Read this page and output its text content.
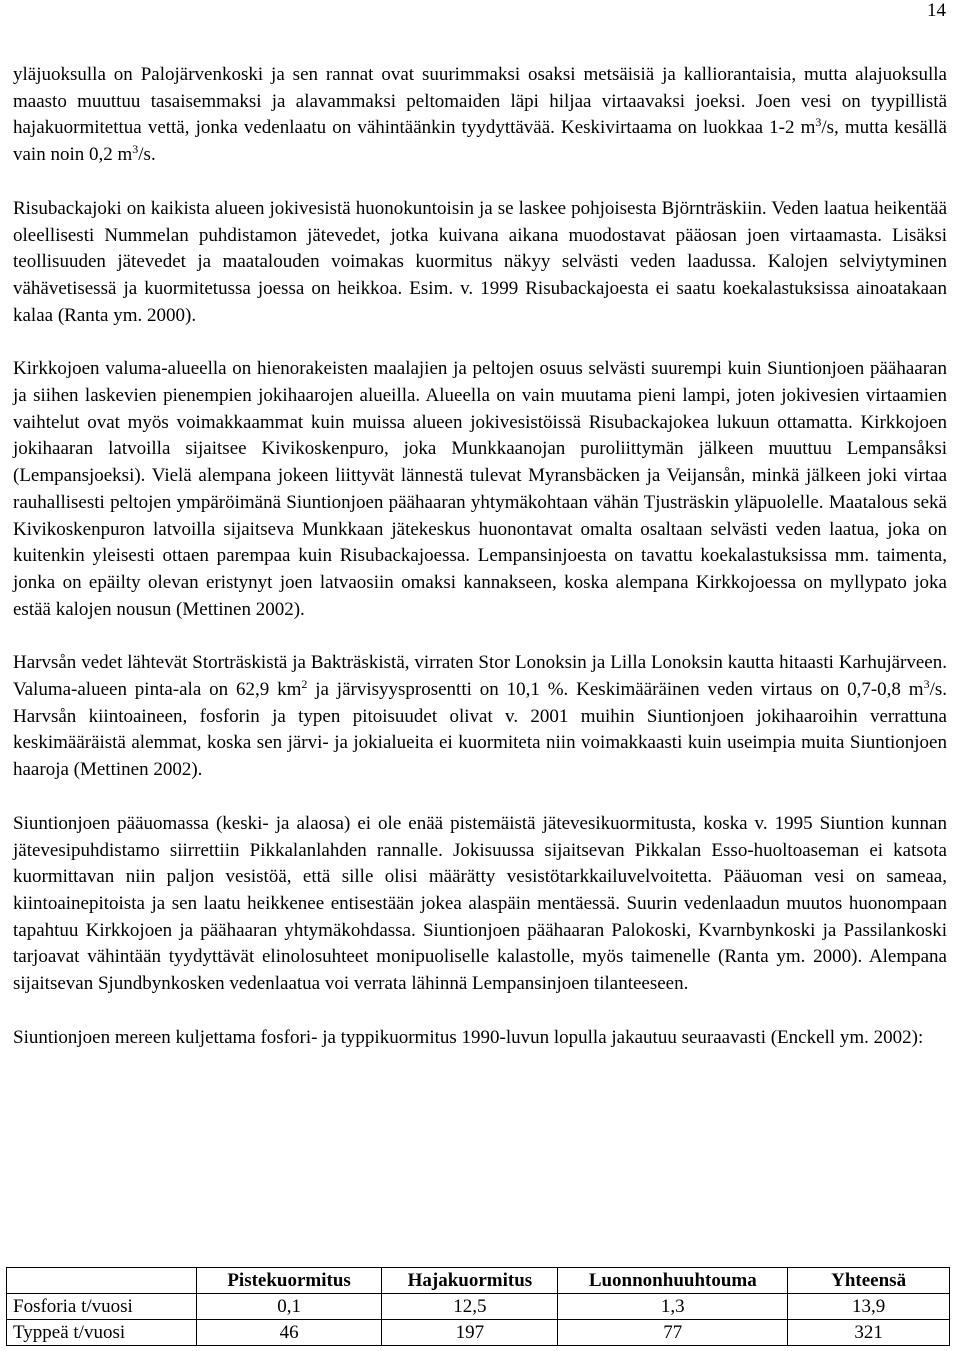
14

yläjuoksulla on Palojärvenkoski ja sen rannat ovat suurimmaksi osaksi metsäisiä ja kalliorantaisia, mutta alajuoksulla maasto muuttuu tasaisemmaksi ja alavammaksi peltomaiden läpi hiljaa virtaavaksi joeksi. Joen vesi on tyypillistä hajakuormitettua vettä, jonka vedenlaatu on vähintäänkin tyydyttävää. Keskivirtaama on luokkaa 1-2 $m^3/s$, mutta kesällä vain noin 0,2 $m^3/s$.

Risubackajoki on kaikista alueen jokivesistä huonokuntoisin ja se laskee pohjoisesta Björnträskiin. Veden laatua heikentää oleellisesti Nummelan puhdistamon jätevedet, jotka kuivana aikana muodostavat pääosan joen virtaamasta. Lisäksi teollisuuden jätevedet ja maatalouden voimakas kuormitus näkyy selvästi veden laadussa. Kalojen selviytyminen vähävetisessä ja kuormitetussa joessa on heikkoa. Esim. v. 1999 Risubackajoesta ei saatu koekalastuksissa ainoatakaan kalaa (Ranta ym. 2000).

Kirkkojoen valuma-alueella on hienorakeisten maalajien ja peltojen osuus selvästi suurempi kuin Siuntionjoen päähaaran ja siihen laskevien pienempien jokihaarojen alueilla. Alueella on vain muutama pieni lampi, joten jokivesien virtaamien vaihtelut ovat myös voimakkaammat kuin muissa alueen jokivesistöissä Risubackajokea lukuun ottamatta. Kirkkojoen jokihaaran latvoilla sijaitsee Kivikoskenpuro, joka Munkkaanojan puroliittymän jälkeen muuttuu Lempansåksi (Lempansjoeksi). Vielä alempana jokeen liittyvät lännestä tulevat Myransbäcken ja Veijansån, minkä jälkeen joki virtaa rauhallisesti peltojen ympäröimänä Siuntionjoen päähaaran yhtymäkohtaan vähän Tjusträskin yläpuolelle. Maatalous sekä Kivikoskenpuron latvoilla sijaitseva Munkkaan jätekeskus huonontavat omalta osaltaan selvästi veden laatua, joka on kuitenkin yleisesti ottaen parempaa kuin Risubackajoessa. Lempansinjoesta on tavattu koekalastuksissa mm. taimenta, jonka on epäilty olevan eristynyt joen latvaosiin omaksi kannakseen, koska alempana Kirkkojoessa on myllypato joka estää kalojen nousun (Mettinen 2002).

Harvsån vedet lähtevät Storträskistä ja Bakträskistä, virraten Stor Lonoksin ja Lilla Lonoksin kautta hitaasti Karhujärveen. Valuma-alueen pinta-ala on 62,9 $km^2$ ja järvisyysprosentti on 10,1 %. Keskimääräinen veden virtaus on 0,7-0,8 $m^3/s$. Harvsån kiintoaineen, fosforin ja typen pitoisuudet olivat v. 2001 muihin Siuntionjoen jokihaaroihin verrattuna keskimääräistä alemmat, koska sen järvi- ja jokialueita ei kuormiteta niin voimakkaasti kuin useimpia muita Siuntionjoen haaroja (Mettinen 2002).

Siuntionjoen pääuomassa (keski- ja alaosa) ei ole enää pistemäistä jätevesikuormitusta, koska v. 1995 Siuntion kunnan jätevesipuhdistamo siirrettiin Pikkalanlahden rannalle. Jokisuussa sijaitsevan Pikkalan Esso-huoltoaseman ei katsota kuormittavan niin paljon vesistöä, että sille olisi määrätty vesistötarkkailuvelvoitetta. Pääuoman vesi on sameaa, kiintoainepitoista ja sen laatu heikkenee entisestään jokea alaspäin mentäessä. Suurin vedenlaadun muutos huonompaan tapahtuu Kirkkojoen ja päähaaran yhtymäkohdassa. Siuntionjoen päähaaran Palokoski, Kvarnbynkoski ja Passilankoski tarjoavat vähintään tyydyttävät elinolosuhteet monipuoliselle kalastolle, myös taimenelle (Ranta ym. 2000). Alempana sijaitsevan Sjundbynkosken vedenlaatua voi verrata lähinnä Lempansinjoen tilanteeseen.

Siuntionjoen mereen kuljettama fosfori- ja typpikuormitus 1990-luvun lopulla jakautuu seuraavasti (Enckell ym. 2002):

	Pistekuormitus	Hajakuormitus	Luonnonhuuhtouma	Yhteensä
Fosforia t/vuosi	0,1	12,5	1,3	13,9
Typpeä t/vuosi	46	197	77	321
